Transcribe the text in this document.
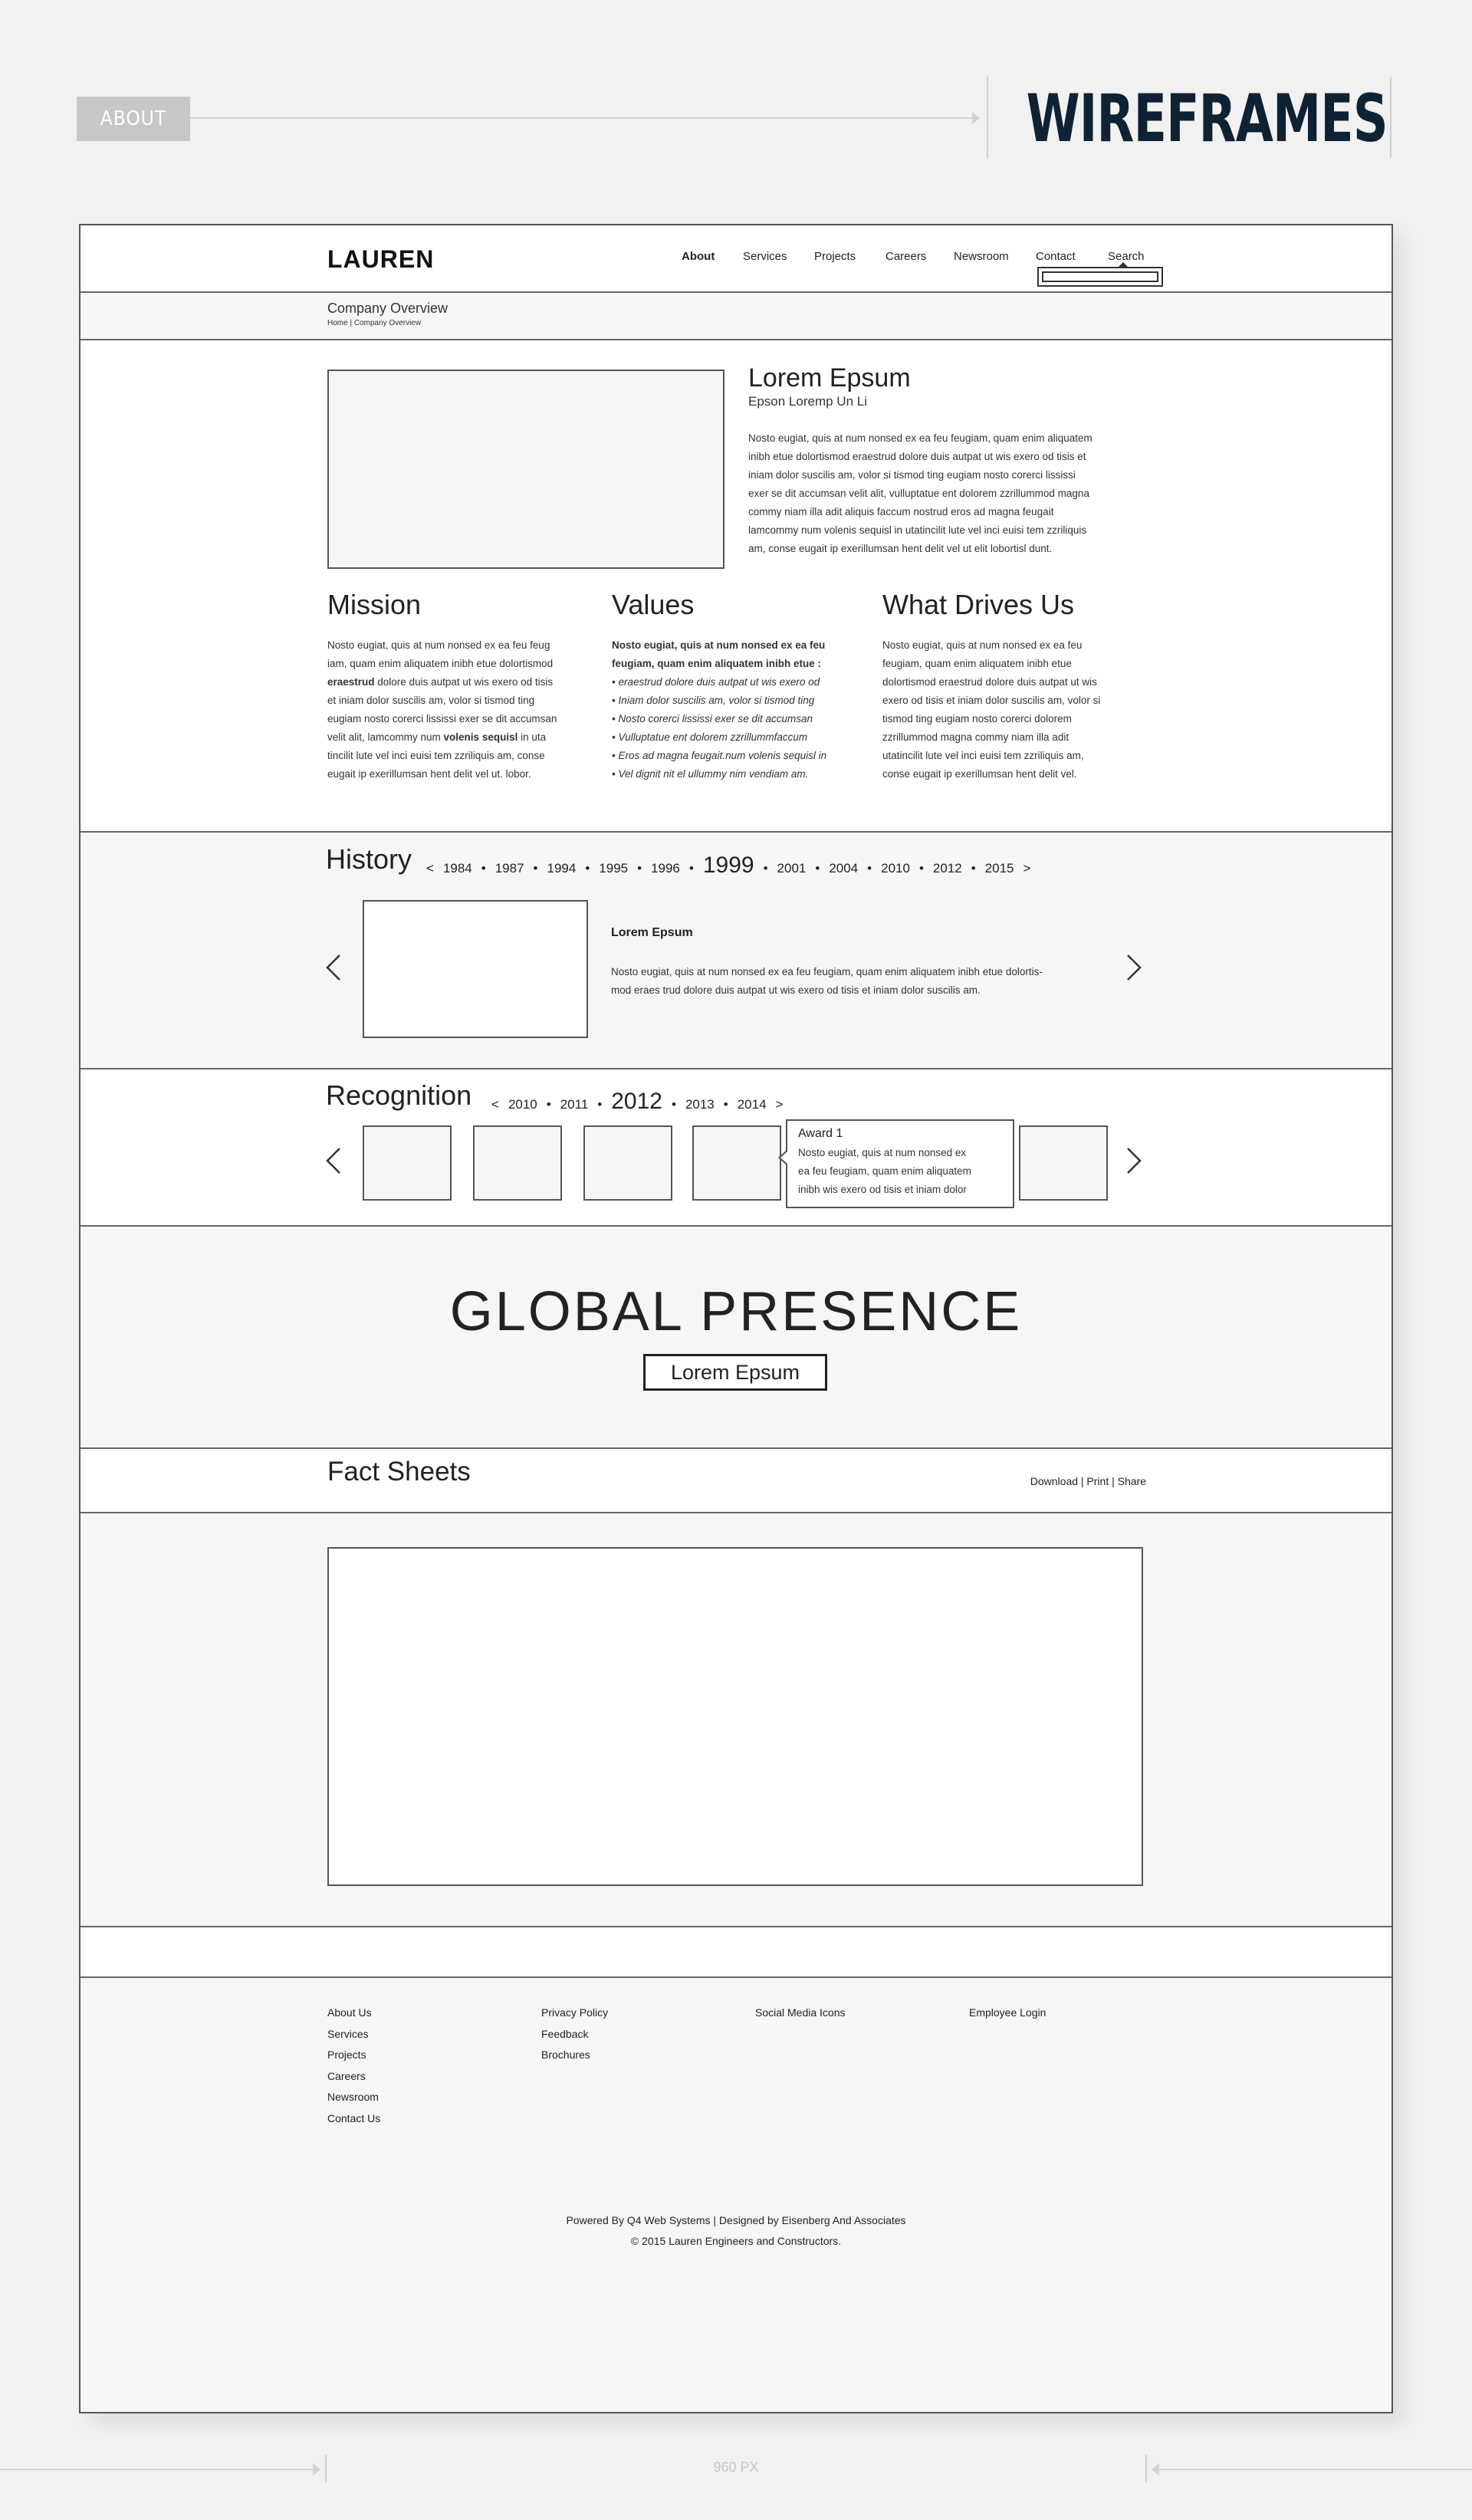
ABOUT	WIREFRAMES
LAUREN	About Services Projects	Careers Newsroom Contact	Search
Company Overview
Home | Company Overview
Lorem Epsum
Epson Loremp Un Li
Nosto eugiat, quis at num nonsed ex ea feu feugiam, quam enim aliquatem
inibh etue dolortismod eraestrud dolore duis autpat ut wis exero od tisis et
iniam dolor suscilis am, volor si tismod ting eugiam nosto corerci lississi
exer se dit accumsan velit alit, vulluptatue ent dolorem zzrillummod magna
commy niam illa adit aliquis faccum nostrud eros ad magna feugait
lamcommy num volenis sequisl in utatincilit lute vel inci euisi tem zzriliquis
am, conse eugait ip exerillumsan hent delit vel ut elit lobortisl dunt.
Mission
Nosto eugiat, quis at num nonsed ex ea feu feug
iam, quam enim aliquatem inibh etue dolortismod
eraestrud dolore duis autpat ut wis exero od tisis
et iniam dolor suscilis am, volor si tismod ting
eugiam nosto corerci lississi exer se dit accumsan
velit alit, lamcommy num volenis sequisl in uta
tincilit lute vel inci euisi tem zzriliquis am, conse
eugait ip exerillumsan hent delit vel ut. lobor.
Values
Nosto eugiat, quis at num nonsed ex ea feu
feugiam, quam enim aliquatem inibh etue :
• eraestrud dolore duis autpat ut wis exero od
• Iniam dolor suscilis am, volor si tismod ting
• Nosto corerci lississi exer se dit accumsan
• Vulluptatue ent dolorem zzrillummfaccum
• Eros ad magna feugait.num volenis sequisl in
• Vel dignit nit el ullummy nim vendiam am.
What Drives Us
Nosto eugiat, quis at num nonsed ex ea feu
feugiam, quam enim aliquatem inibh etue
dolortismod eraestrud dolore duis autpat ut wis
exero od tisis et iniam dolor suscilis am, volor si
tismod ting eugiam nosto corerci dolorem
zzrillummod magna commy niam illa adit
utatincilit lute vel inci euisi tem zzriliquis am,
conse eugait ip exerillumsan hent delit vel.
History < 1984 • 1987 • 1994 • 1995 • 1996 • 1999 • 2001 • 2004 • 2010 • 2012 • 2015 >
Lorem Epsum
Nosto eugiat, quis at num nonsed ex ea feu feugiam, quam enim aliquatem inibh etue dolortis-
mod eraes trud dolore duis autpat ut wis exero od tisis et iniam dolor suscilis am.
Recognition < 2010 • 2011 • 2012 • 2013 • 2014 >
Award 1
Nosto eugiat, quis at num nonsed ex
ea feu feugiam, quam enim aliquatem
inibh wis exero od tisis et iniam dolor
GLOBAL PRESENCE
Lorem Epsum
Fact Sheets	Download | Print | Share
About Us
Services
Projects
Careers
Newsroom
Contact Us
Privacy Policy
Feedback
Brochures
Social Media Icons	Employee Login
Powered By Q4 Web Systems | Designed by Eisenberg And Associates
© 2015 Lauren Engineers and Constructors.
960 PX
